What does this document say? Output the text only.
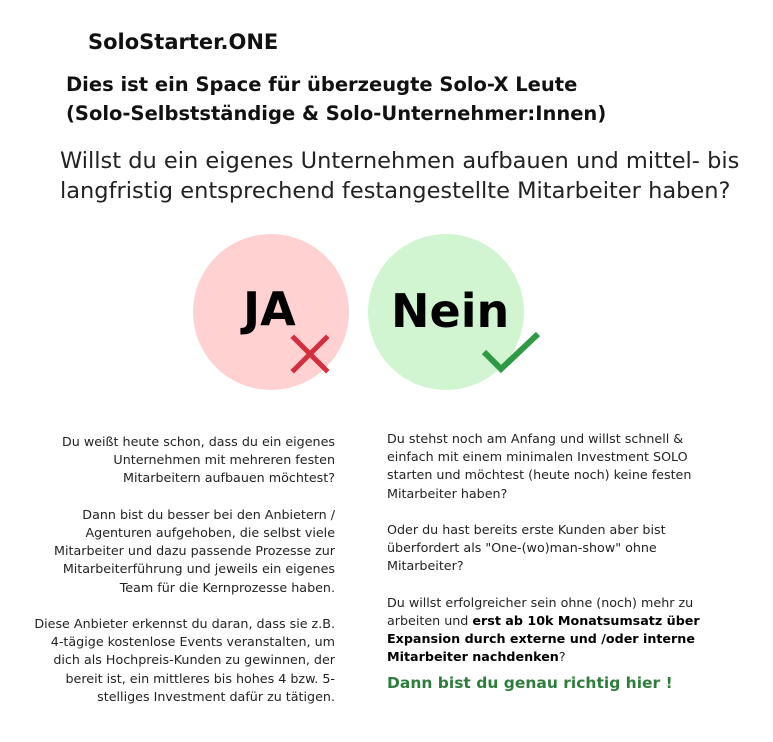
SoloStarter.ONE
Dies ist ein Space für überzeugte Solo-X Leute
(Solo-Selbstständige & Solo-Unternehmer:Innen)
Willst du ein eigenes Unternehmen aufbauen und mittel- bis
langfristig entsprechend festangestellte Mitarbeiter haben?
JA Nein

Du weißt heute schon, dass du ein eigenes
Unternehmen mit mehreren festen
Mitarbeitern aufbauen möchtest?

Dann bist du besser bei den Anbietern /
Agenturen aufgehoben, die selbst viele
Mitarbeiter und dazu passende Prozesse zur
Mitarbeiterführung und jeweils ein eigenes
Team für die Kernprozesse haben.

Diese Anbieter erkennst du daran, dass sie z.B.
4-tägige kostenlose Events veranstalten, um
dich als Hochpreis-Kunden zu gewinnen, der
bereit ist, ein mittleres bis hohes 4 bzw. 5-
stelliges Investment dafür zu tätigen.

Du stehst noch am Anfang und willst schnell &
einfach mit einem minimalen Investment SOLO
starten und möchtest (heute noch) keine festen
Mitarbeiter haben?

Oder du hast bereits erste Kunden aber bist
überfordert als "One-(wo)man-show" ohne
Mitarbeiter?

Du willst erfolgreicher sein ohne (noch) mehr zu
arbeiten und erst ab 10k Monatsumsatz über
Expansion durch externe und /oder interne
Mitarbeiter nachdenken?

Dann bist du genau richtig hier !
